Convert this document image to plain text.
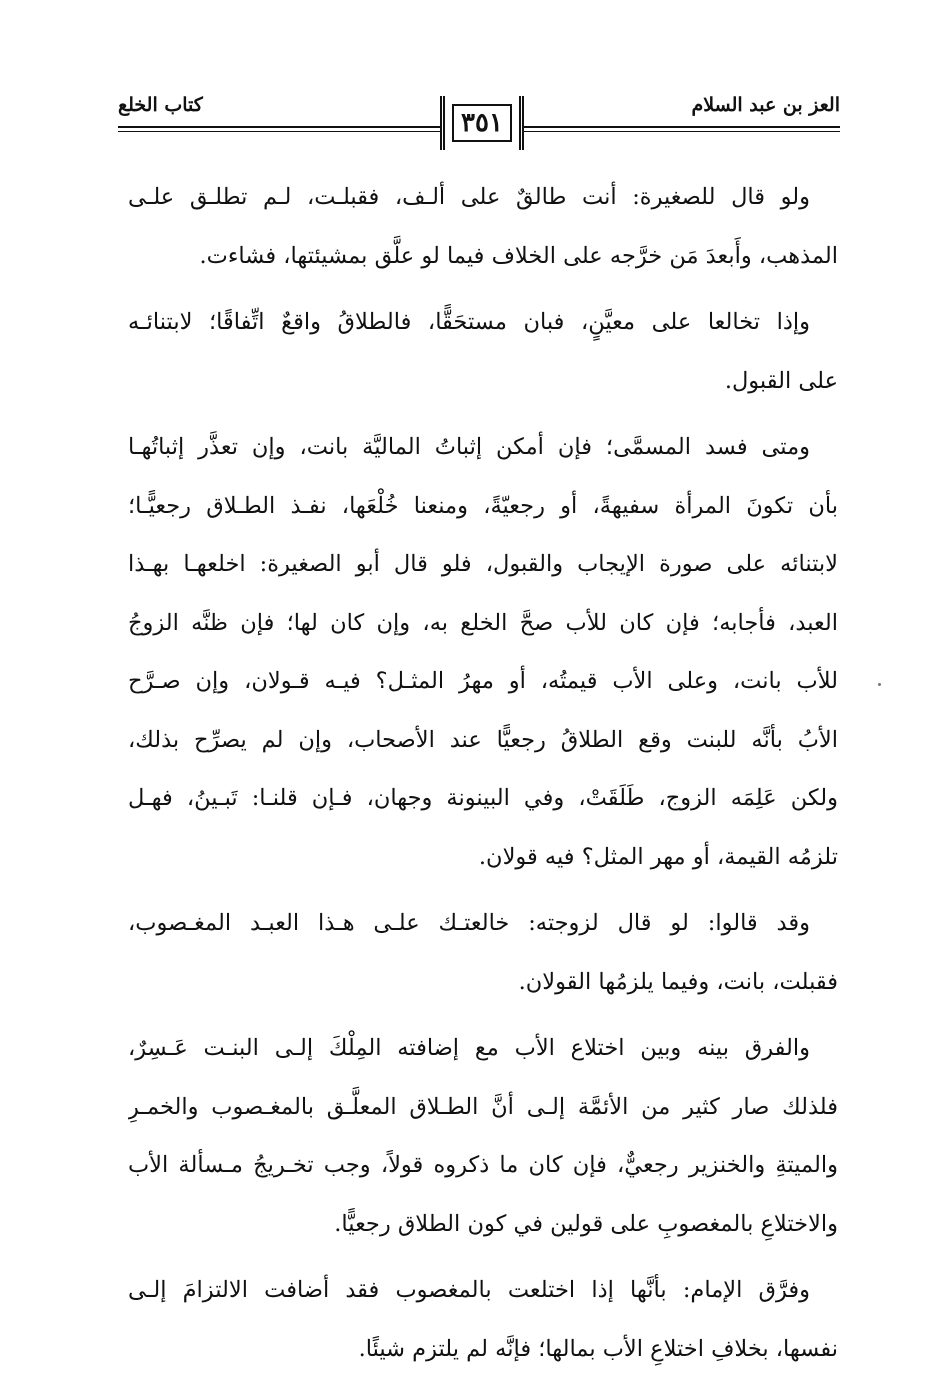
العز بن عبد السلام
كتاب الخلع
٣٥١
ولو قال للصغيرة: أنت طالقٌ على ألـف، فقبلـت، لـم تطلـق علـى
المذهب، وأَبعدَ مَن خرَّجه على الخلاف فيما لو علَّق بمشيئتها، فشاءت.
وإذا تخالعا على معيَّنٍ، فبان مستحَقًّا، فالطلاقُ واقعٌ اتِّفاقًا؛ لابتنائـه
على القبول.
ومتى فسد المسمَّى؛ فإن أمكن إثباتُ الماليَّة بانت، وإن تعذَّر إثباتُهـا
بأن تكونَ المرأة سفيهةً، أو رجعيّةً، ومنعنا خُلْعَها، نفـذ الطـلاق رجعيًّـا؛
لابتنائه على صورة الإيجاب والقبول، فلو قال أبو الصغيرة: اخلعهـا بهـذا
العبد، فأجابه؛ فإن كان للأب صحَّ الخلع به، وإن كان لها؛ فإن ظنَّه الزوجُ
للأب بانت، وعلى الأب قيمتُه، أو مهرُ المثـل؟ فيـه قـولان، وإن صـرَّح
الأبُ بأنَّه للبنت وقع الطلاقُ رجعيًّا عند الأصحاب، وإن لم يصرِّح بذلك،
ولكن عَلِمَه الزوج، طَلَقَتْ، وفي البينونة وجهان، فـإن قلنـا: تَبـينُ، فهـل
تلزمُه القيمة، أو مهر المثل؟ فيه قولان.
وقد قالوا: لو قال لزوجته: خالعتـك علـى هـذا العبـد المغـصوب،
فقبلت، بانت، وفيما يلزمُها القولان.
والفرق بينه وبين اختلاع الأب مع إضافته المِلْكَ إلـى البنـت عَـسِرٌ،
فلذلك صار كثير من الأئمَّة إلـى أنَّ الطـلاق المعلَّـق بالمغـصوب والخمـرِ
والميتةِ والخنزير رجعيٌّ، فإن كان ما ذكروه قولاً، وجب تخـريجُ مـسألة الأب
والاختلاعِ بالمغصوبِ على قولين في كون الطلاق رجعيًّا.
وفرَّق الإمام: بأنَّها إذا اختلعت بالمغصوب فقد أضافت الالتزامَ إلـى
نفسها، بخلافِ اختلاعِ الأب بمالها؛ فإنَّه لم يلتزم شيئًا.
